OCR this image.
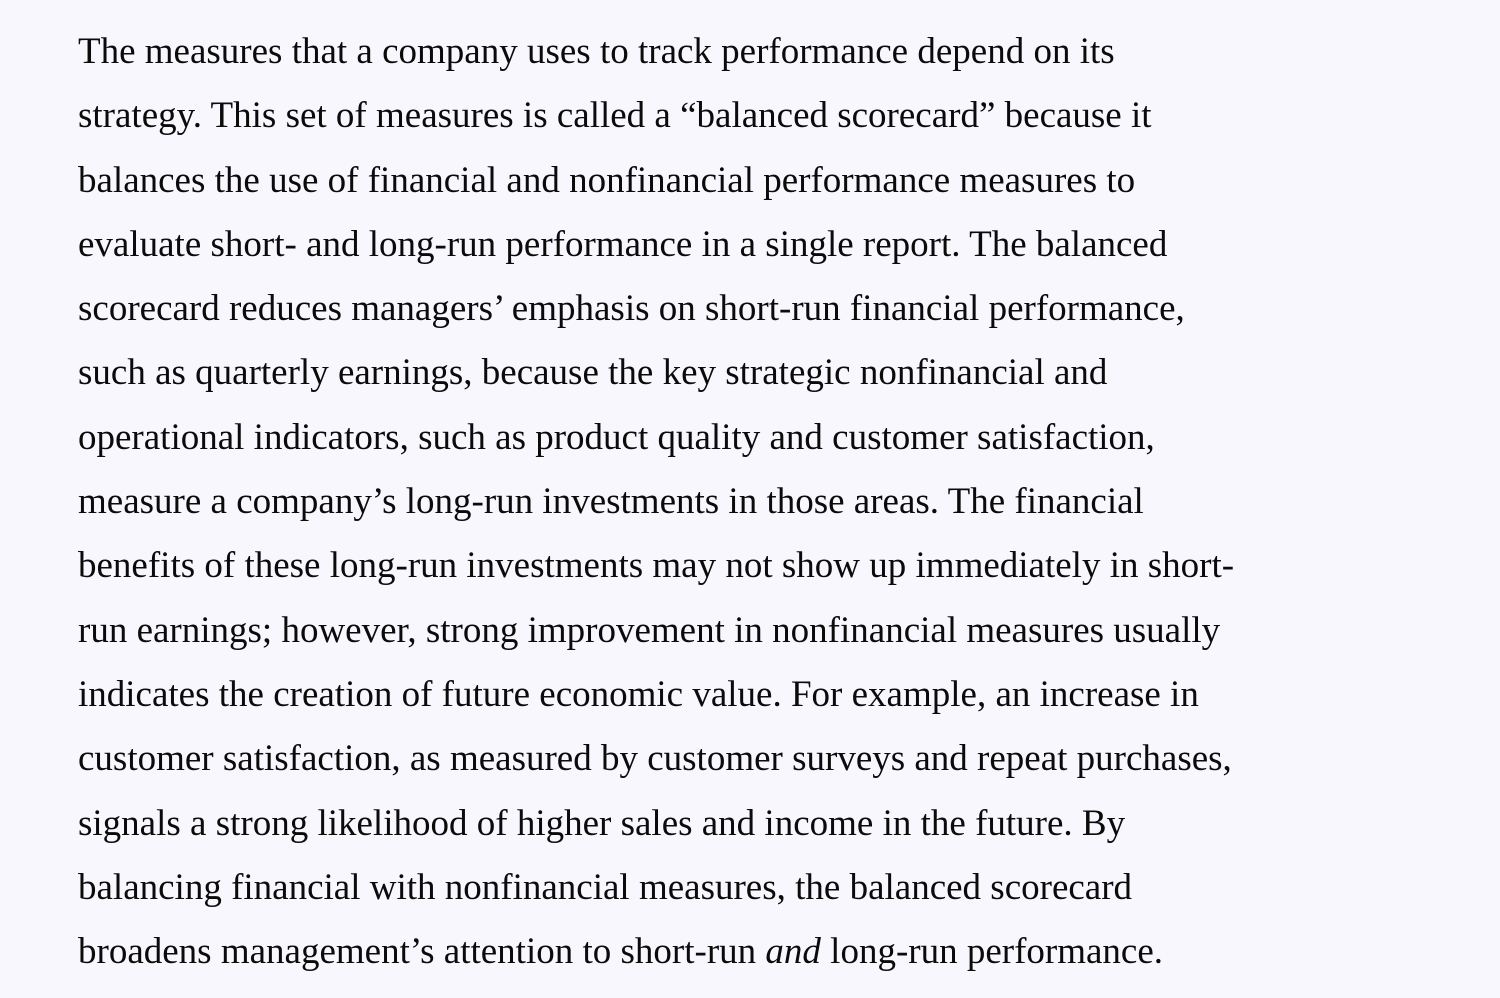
The measures that a company uses to track performance depend on its
strategy. This set of measures is called a “balanced scorecard” because it
balances the use of financial and nonfinancial performance measures to
evaluate short- and long-run performance in a single report. The balanced
scorecard reduces managers’ emphasis on short-run financial performance,
such as quarterly earnings, because the key strategic nonfinancial and
operational indicators, such as product quality and customer satisfaction,
measure a company’s long-run investments in those areas. The financial
benefits of these long-run investments may not show up immediately in short-
run earnings; however, strong improvement in nonfinancial measures usually
indicates the creation of future economic value. For example, an increase in
customer satisfaction, as measured by customer surveys and repeat purchases,
signals a strong likelihood of higher sales and income in the future. By
balancing financial with nonfinancial measures, the balanced scorecard
broadens management’s attention to short-run and long-run performance.
